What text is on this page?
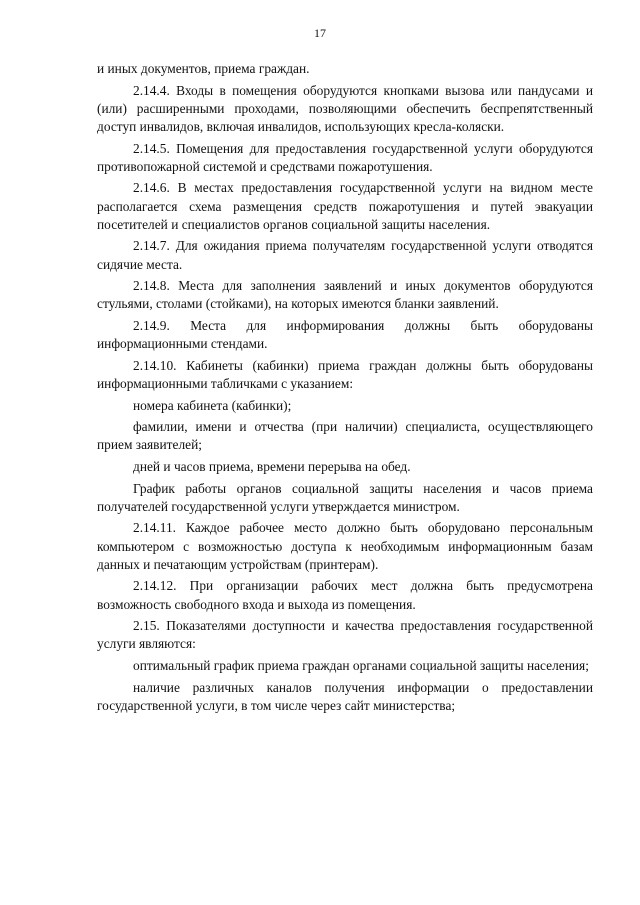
17

и иных документов, приема граждан.

2.14.4. Входы в помещения оборудуются кнопками вызова или пандусами и (или) расширенными проходами, позволяющими обеспечить беспрепятственный доступ инвалидов, включая инвалидов, использующих кресла-коляски.

2.14.5. Помещения для предоставления государственной услуги оборудуются противопожарной системой и средствами пожаротушения.

2.14.6. В местах предоставления государственной услуги на видном месте располагается схема размещения средств пожаротушения и путей эвакуации посетителей и специалистов органов социальной защиты населения.

2.14.7. Для ожидания приема получателям государственной услуги отводятся сидячие места.

2.14.8. Места для заполнения заявлений и иных документов оборудуются стульями, столами (стойками), на которых имеются бланки заявлений.

2.14.9. Места для информирования должны быть оборудованы информационными стендами.

2.14.10. Кабинеты (кабинки) приема граждан должны быть оборудованы информационными табличками с указанием:

номера кабинета (кабинки);

фамилии, имени и отчества (при наличии) специалиста, осуществляющего прием заявителей;

дней и часов приема, времени перерыва на обед.

График работы органов социальной защиты населения и часов приема получателей государственной услуги утверждается министром.

2.14.11. Каждое рабочее место должно быть оборудовано персональным компьютером с возможностью доступа к необходимым информационным базам данных и печатающим устройствам (принтерам).

2.14.12. При организации рабочих мест должна быть предусмотрена возможность свободного входа и выхода из помещения.

2.15. Показателями доступности и качества предоставления государственной услуги являются:

оптимальный график приема граждан органами социальной защиты населения;

наличие различных каналов получения информации о предоставлении государственной услуги, в том числе через сайт министерства;
